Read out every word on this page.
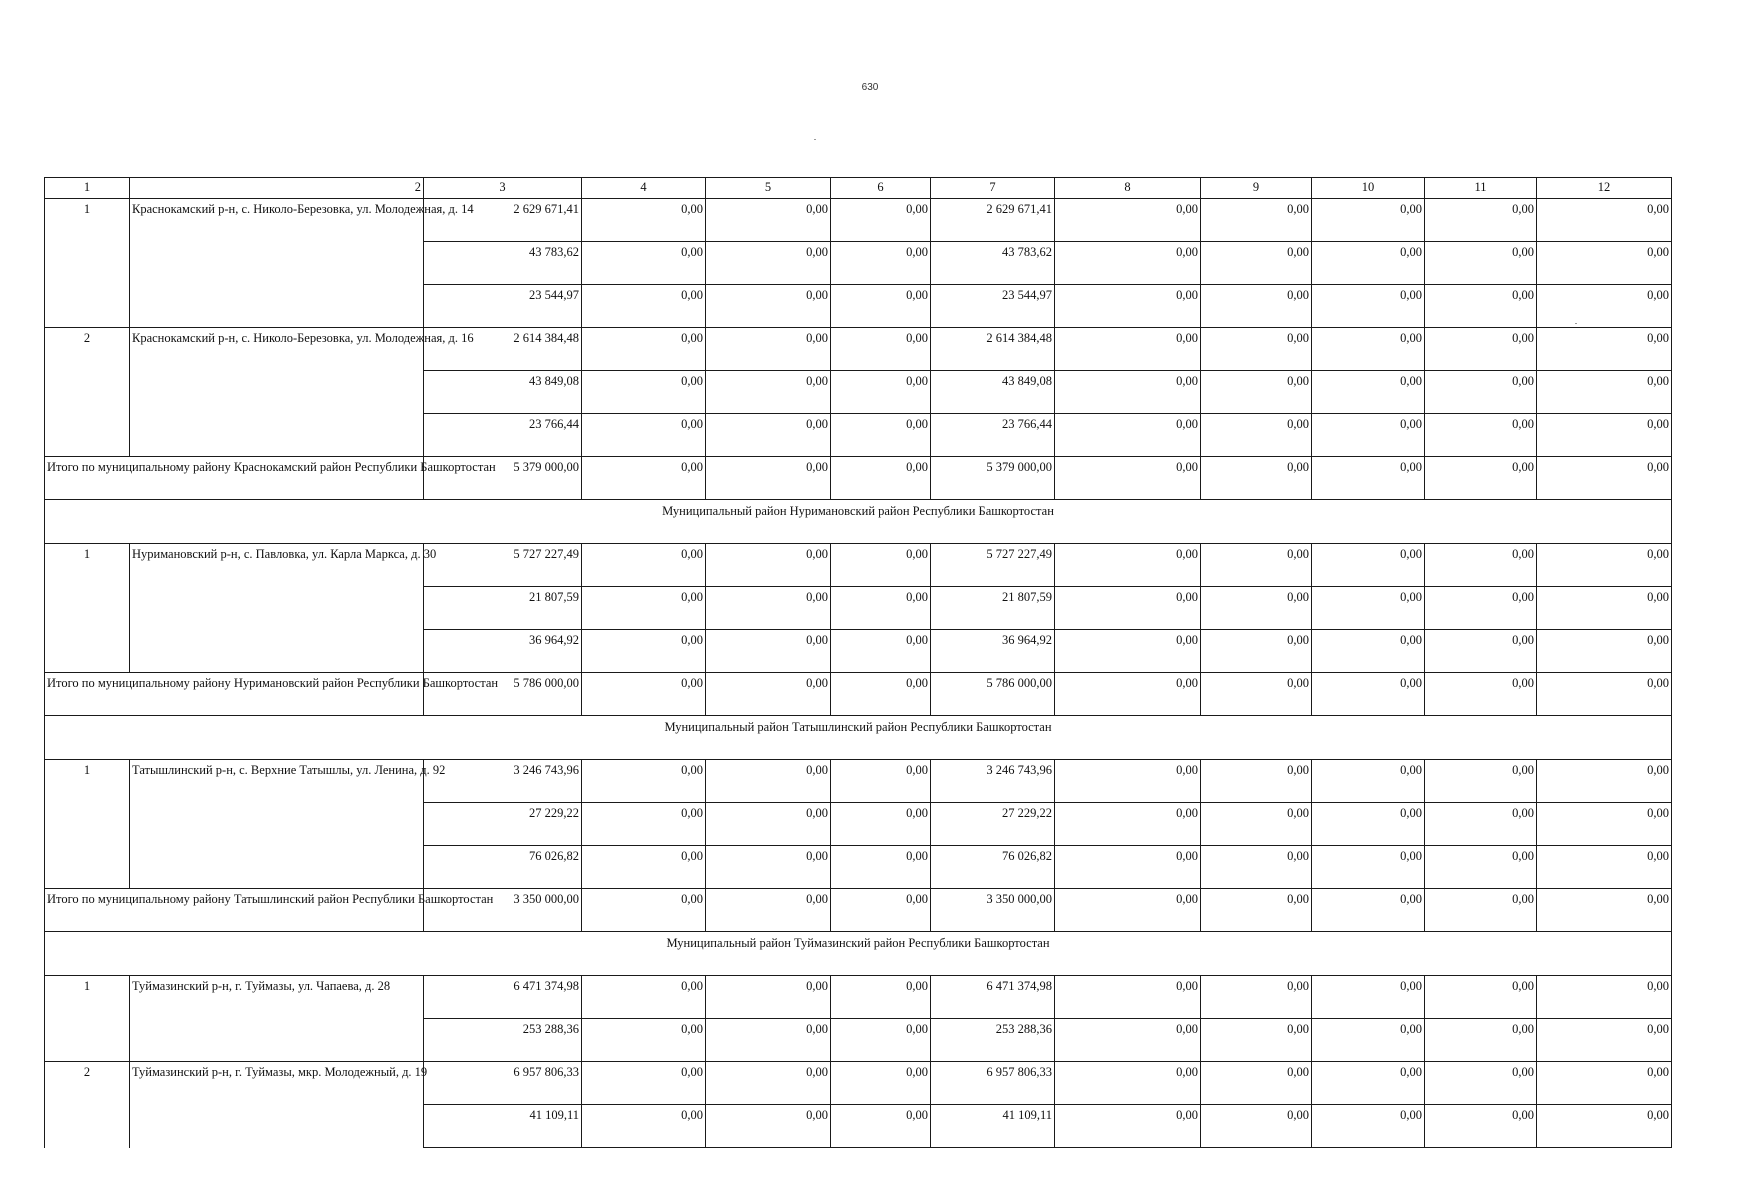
630
1	2	3	4	5	6	7	8	9	10	11	12
1	Краснокамский р-н, с. Николо-Березовка, ул. Молодежная, д. 14	2 629 671,41	0,00	0,00	0,00	2 629 671,41	0,00	0,00	0,00	0,00	0,00
		43 783,62	0,00	0,00	0,00	43 783,62	0,00	0,00	0,00	0,00	0,00
		23 544,97	0,00	0,00	0,00	23 544,97	0,00	0,00	0,00	0,00	0,00
2	Краснокамский р-н, с. Николо-Березовка, ул. Молодежная, д. 16	2 614 384,48	0,00	0,00	0,00	2 614 384,48	0,00	0,00	0,00	0,00	0,00
		43 849,08	0,00	0,00	0,00	43 849,08	0,00	0,00	0,00	0,00	0,00
		23 766,44	0,00	0,00	0,00	23 766,44	0,00	0,00	0,00	0,00	0,00
Итого по муниципальному району Краснокамский район Республики Башкортостан		5 379 000,00	0,00	0,00	0,00	5 379 000,00	0,00	0,00	0,00	0,00	0,00
Муниципальный район Нуримановский район Республики Башкортостан											
1	Нуримановский р-н, с. Павловка, ул. Карла Маркса, д. 30	5 727 227,49	0,00	0,00	0,00	5 727 227,49	0,00	0,00	0,00	0,00	0,00
		21 807,59	0,00	0,00	0,00	21 807,59	0,00	0,00	0,00	0,00	0,00
		36 964,92	0,00	0,00	0,00	36 964,92	0,00	0,00	0,00	0,00	0,00
Итого по муниципальному району Нуримановский район Республики Башкортостан		5 786 000,00	0,00	0,00	0,00	5 786 000,00	0,00	0,00	0,00	0,00	0,00
Муниципальный район Татышлинский район Республики Башкортостан											
1	Татышлинский р-н, с. Верхние Татышлы, ул. Ленина, д. 92	3 246 743,96	0,00	0,00	0,00	3 246 743,96	0,00	0,00	0,00	0,00	0,00
		27 229,22	0,00	0,00	0,00	27 229,22	0,00	0,00	0,00	0,00	0,00
		76 026,82	0,00	0,00	0,00	76 026,82	0,00	0,00	0,00	0,00	0,00
Итого по муниципальному району Татышлинский район Республики Башкортостан		3 350 000,00	0,00	0,00	0,00	3 350 000,00	0,00	0,00	0,00	0,00	0,00
Муниципальный район Туймазинский район Республики Башкортостан											
1	Туймазинский р-н, г. Туймазы, ул. Чапаева, д. 28	6 471 374,98	0,00	0,00	0,00	6 471 374,98	0,00	0,00	0,00	0,00	0,00
		253 288,36	0,00	0,00	0,00	253 288,36	0,00	0,00	0,00	0,00	0,00
2	Туймазинский р-н, г. Туймазы, мкр. Молодежный, д. 19	6 957 806,33	0,00	0,00	0,00	6 957 806,33	0,00	0,00	0,00	0,00	0,00
		41 109,11	0,00	0,00	0,00	41 109,11	0,00	0,00	0,00	0,00	0,00
